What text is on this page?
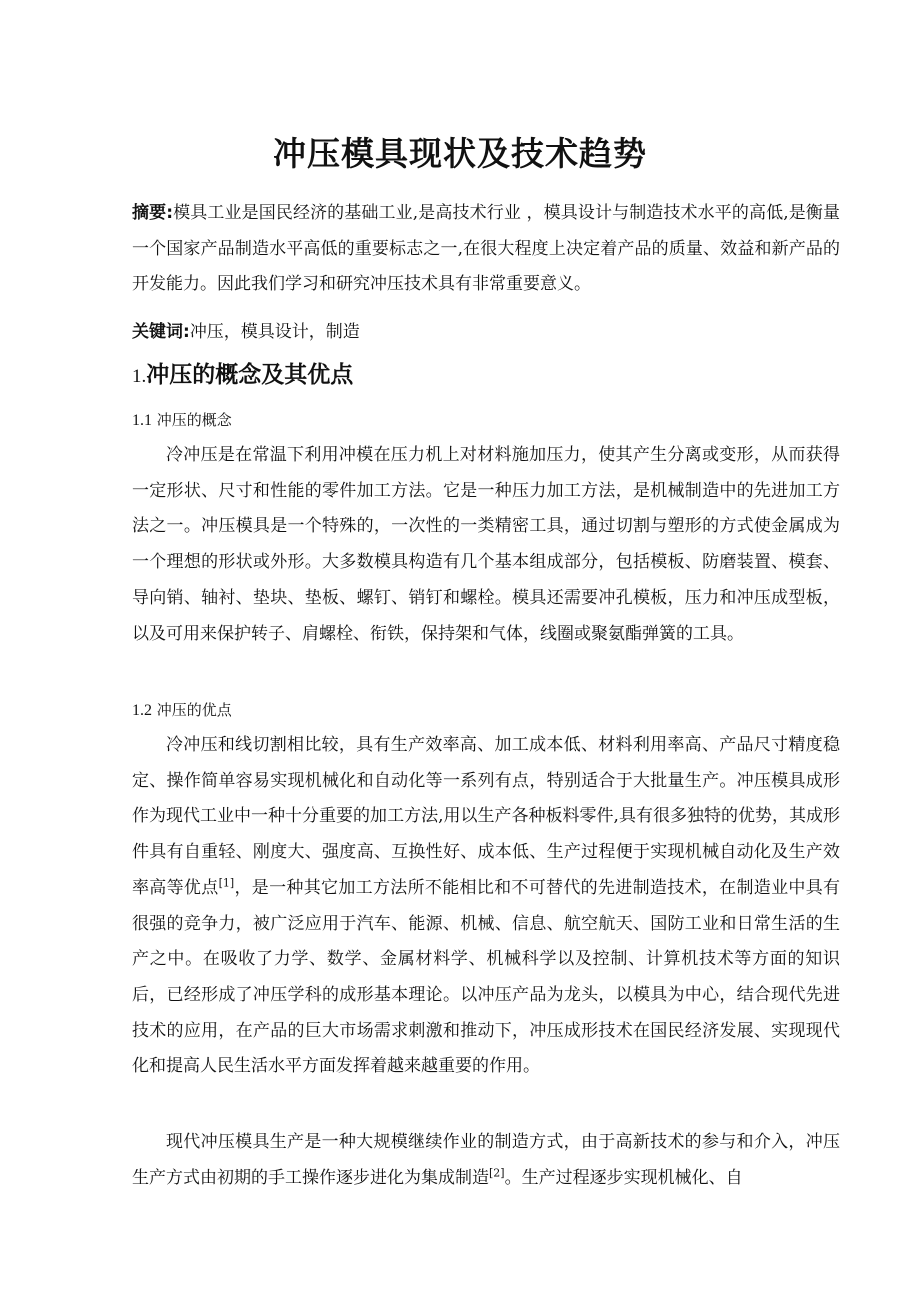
冲压模具现状及技术趋势
摘要:模具工业是国民经济的基础工业,是高技术行业 ，模具设计与制造技术水平的高低,是衡量一个国家产品制造水平高低的重要标志之一,在很大程度上决定着产品的质量、效益和新产品的开发能力。因此我们学习和研究冲压技术具有非常重要意义。
关键词:冲压，模具设计，制造
1.冲压的概念及其优点
1.1 冲压的概念
冷冲压是在常温下利用冲模在压力机上对材料施加压力，使其产生分离或变形，从而获得一定形状、尺寸和性能的零件加工方法。它是一种压力加工方法，是机械制造中的先进加工方法之一。冲压模具是一个特殊的，一次性的一类精密工具，通过切割与塑形的方式使金属成为一个理想的形状或外形。大多数模具构造有几个基本组成部分，包括模板、防磨装置、模套、导向销、轴衬、垫块、垫板、螺钉、销钉和螺栓。模具还需要冲孔模板，压力和冲压成型板，以及可用来保护转子、肩螺栓、衔铁，保持架和气体，线圈或聚氨酯弹簧的工具。
1.2 冲压的优点
冷冲压和线切割相比较，具有生产效率高、加工成本低、材料利用率高、产品尺寸精度稳定、操作简单容易实现机械化和自动化等一系列有点，特别适合于大批量生产。冲压模具成形作为现代工业中一种十分重要的加工方法,用以生产各种板料零件,具有很多独特的优势，其成形件具有自重轻、刚度大、强度高、互换性好、成本低、生产过程便于实现机械自动化及生产效率高等优点[1]，是一种其它加工方法所不能相比和不可替代的先进制造技术，在制造业中具有很强的竞争力，被广泛应用于汽车、能源、机械、信息、航空航天、国防工业和日常生活的生产之中。在吸收了力学、数学、金属材料学、机械科学以及控制、计算机技术等方面的知识后，已经形成了冲压学科的成形基本理论。以冲压产品为龙头，以模具为中心，结合现代先进技术的应用，在产品的巨大市场需求刺激和推动下，冲压成形技术在国民经济发展、实现现代化和提高人民生活水平方面发挥着越来越重要的作用。
现代冲压模具生产是一种大规模继续作业的制造方式，由于高新技术的参与和介入，冲压生产方式由初期的手工操作逐步进化为集成制造[2]。生产过程逐步实现机械化、自
